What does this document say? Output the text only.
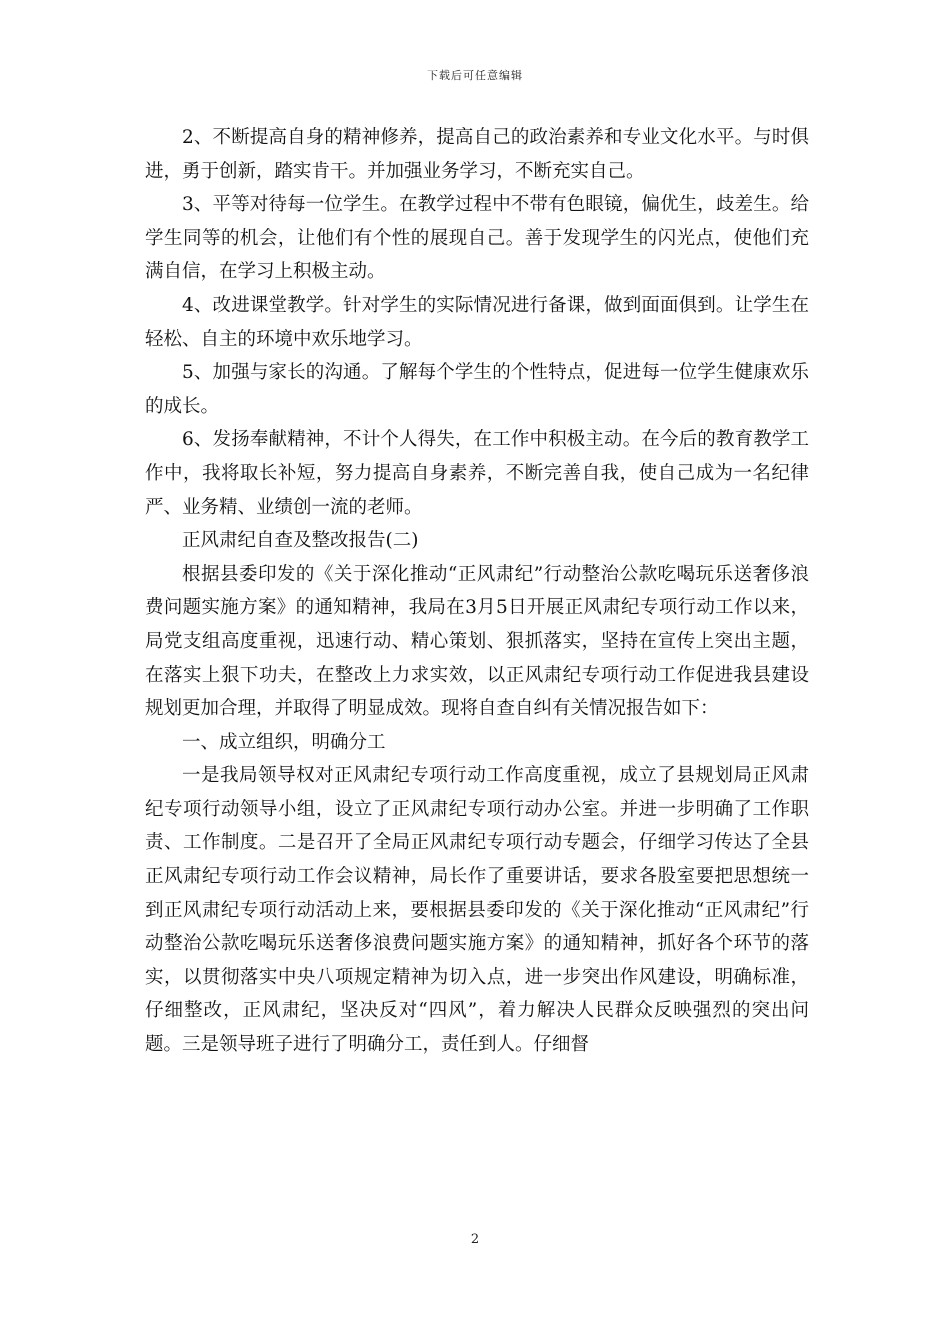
下载后可任意编辑

2、不断提高自身的精神修养，提高自己的政治素养和专业文化水平。与时俱进，勇于创新，踏实肯干。并加强业务学习，不断充实自己。

3、平等对待每一位学生。在教学过程中不带有色眼镜，偏优生，歧差生。给学生同等的机会，让他们有个性的展现自己。善于发现学生的闪光点，使他们充满自信，在学习上积极主动。

4、改进课堂教学。针对学生的实际情况进行备课，做到面面俱到。让学生在轻松、自主的环境中欢乐地学习。

5、加强与家长的沟通。了解每个学生的个性特点，促进每一位学生健康欢乐的成长。

6、发扬奉献精神，不计个人得失，在工作中积极主动。在今后的教育教学工作中，我将取长补短，努力提高自身素养，不断完善自我，使自己成为一名纪律严、业务精、业绩创一流的老师。

正风肃纪自查及整改报告(二)

根据县委印发的《关于深化推动“正风肃纪”行动整治公款吃喝玩乐送奢侈浪费问题实施方案》的通知精神，我局在3月5日开展正风肃纪专项行动工作以来，局党支组高度重视，迅速行动、精心策划、狠抓落实，坚持在宣传上突出主题，在落实上狠下功夫，在整改上力求实效，以正风肃纪专项行动工作促进我县建设规划更加合理，并取得了明显成效。现将自查自纠有关情况报告如下：

一、成立组织，明确分工

一是我局领导权对正风肃纪专项行动工作高度重视，成立了县规划局正风肃纪专项行动领导小组，设立了正风肃纪专项行动办公室。并进一步明确了工作职责、工作制度。二是召开了全局正风肃纪专项行动专题会，仔细学习传达了全县正风肃纪专项行动工作会议精神，局长作了重要讲话，要求各股室要把思想统一到正风肃纪专项行动活动上来，要根据县委印发的《关于深化推动“正风肃纪”行动整治公款吃喝玩乐送奢侈浪费问题实施方案》的通知精神，抓好各个环节的落实，以贯彻落实中央八项规定精神为切入点，进一步突出作风建设，明确标准，仔细整改，正风肃纪，坚决反对“四风”，着力解决人民群众反映强烈的突出问题。三是领导班子进行了明确分工，责任到人。仔细督

2
